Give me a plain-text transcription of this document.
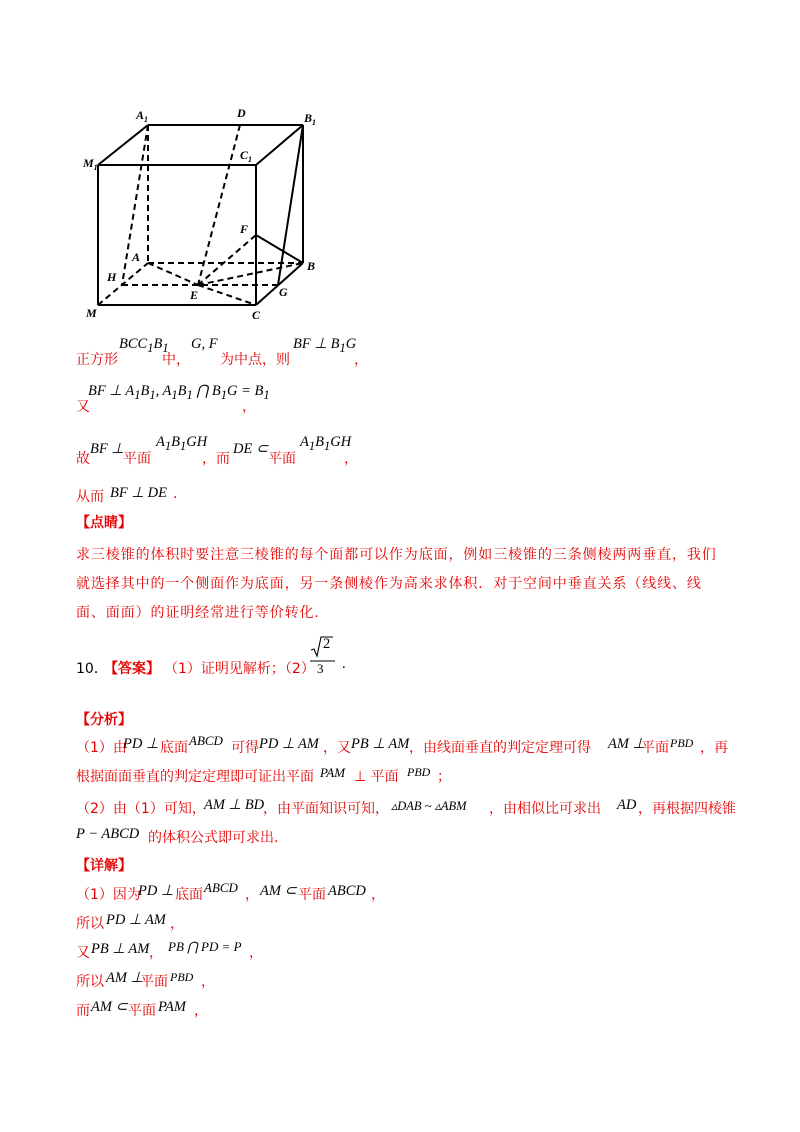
$A_1$	D	$B_1$
$M_1$
$C_1$
F
A
B
H
E	G
M	C
正方形
$BCC_1B_1$
中，
G, F
为中点，则
BF ⊥ $B_1G$
，
又
BF ⊥ $A_1B_1$, $A_1B_1$ ⋂ $B_1G = B_1$
，
故
BF ⊥
平面
$A_1B_1GH$
，而
DE ⊂
平面
$A_1B_1GH$
，
从而 BF ⊥ DE .
【点睛】
求三棱锥的体积时要注意三棱锥的每个面都可以作为底面，例如三棱锥的三条侧棱两两垂直，我们就选择其中的一个侧面作为底面，另一条侧棱作为高来求体积．对于空间中垂直关系（线线、线面、面面）的证明经常进行等价转化.
10．
【答案】 （1）证明见解析；（2）
2
3 .
【分析】
（1）由
PD ⊥ 底面 ABCD 可得 PD ⊥ AM ，又 PB ⊥ AM ，由线面垂直的判定定理可得 AM ⊥
平面 PBD ，再
根据面面垂直的判定定理即可证出平面 PAM ⊥ 平面 PBD ；
（2）由（1）可知，
AM ⊥ BD
，由平面知识可知， ▵DAB ~ ▵ABM ，由相似比可求出 AD ，再根据四棱锥
P − ABCD 的体积公式即可求出.
【详解】
（1）因为
PD ⊥ 底面 ABCD ， AM ⊂ 平面 ABCD ，
所以 PD ⊥ AM ，
又 PB ⊥ AM ， PB ⋂ PD = P ，
所以 AM ⊥
平面 PBD ，
而 AM ⊂ 平面 PAM ，
